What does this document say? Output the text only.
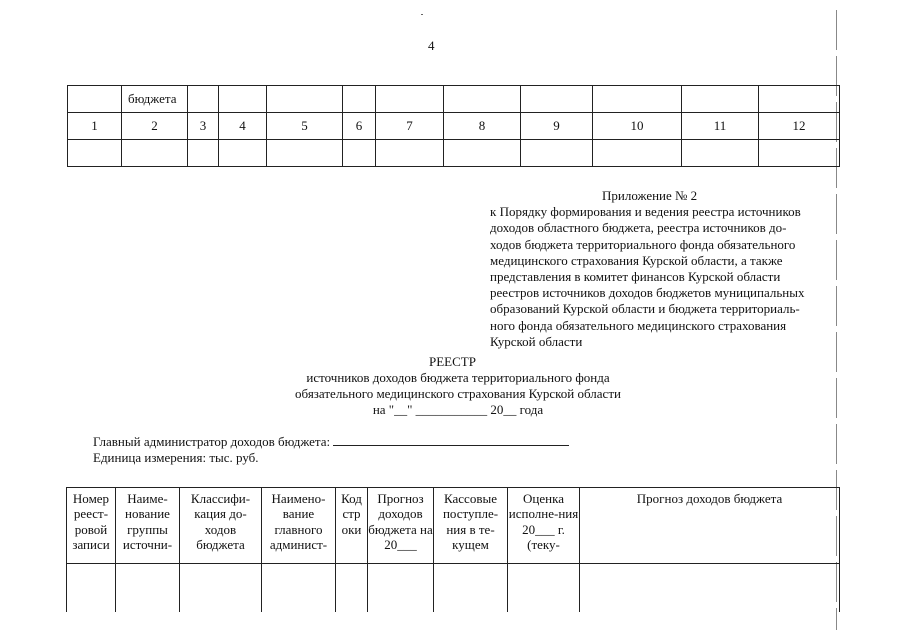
4
	бюджета										
1	2	3	4	5	6	7	8	9	10	11	12

Приложение № 2
к Порядку формирования и ведения реестра источников
доходов областного бюджета, реестра источников до-
ходов бюджета территориального фонда обязательного
медицинского страхования Курской области, а также
представления в комитет финансов Курской области
реестров источников доходов бюджетов муниципальных
образований Курской области и бюджета территориаль-
ного фонда обязательного медицинского страхования
Курской области
РЕЕСТР
источников доходов бюджета территориального фонда
обязательного медицинского страхования Курской области
на "__" ___________ 20__ года
Главный администратор доходов бюджета:
Единица измерения: тыс. руб.
Номер реест-ровой записи	Наиме-нование группы источни-	Классифи-кация до-ходов бюджета	Наимено-вание главного админист-	Код стр оки	Прогноз доходов бюджета на 20___	Кассовые поступле-ния в те-кущем	Оценка исполне-ния 20___ г. (теку-	Прогноз доходов бюджета
